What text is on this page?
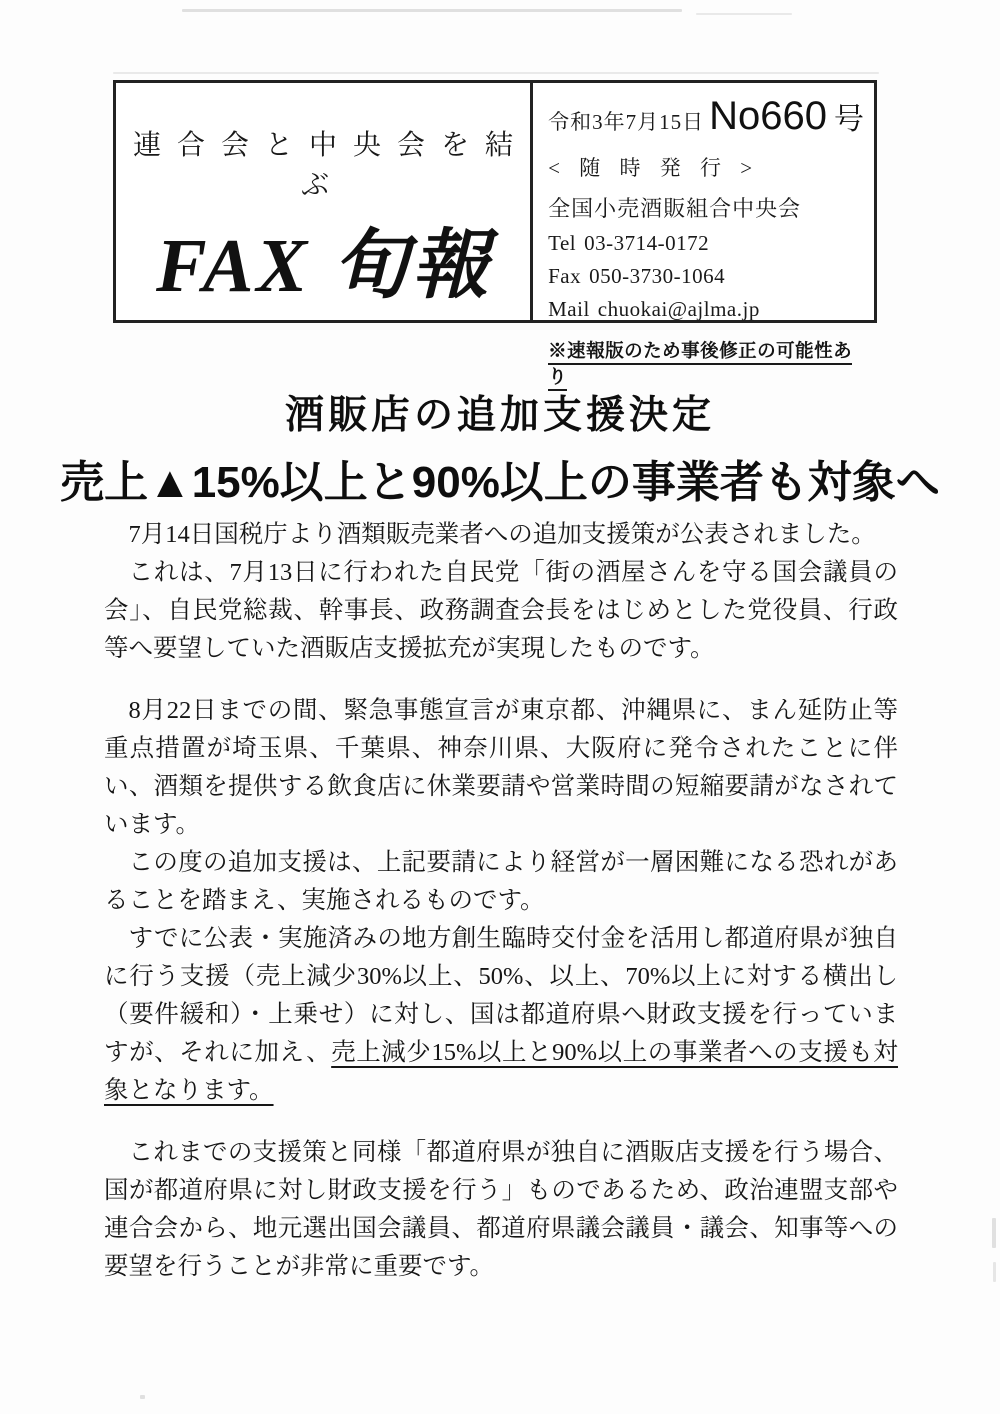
連合会と中央会を結ぶ
FAX 旬報
令和3年7月15日 No660 号
< 随 時 発 行 >
全国小売酒販組合中央会
Tel 03-3714-0172
Fax 050-3730-1064
Mail chuokai@ajlma.jp
※速報版のため事後修正の可能性あり
酒販店の追加支援決定
売上▲15%以上と90%以上の事業者も対象へ

7月14日国税庁より酒類販売業者への追加支援策が公表されました。

これは、7月13日に行われた自民党「街の酒屋さんを守る国会議員の会」、自民党総裁、幹事長、政務調査会長をはじめとした党役員、行政等へ要望していた酒販店支援拡充が実現したものです。

8月22日までの間、緊急事態宣言が東京都、沖縄県に、まん延防止等重点措置が埼玉県、千葉県、神奈川県、大阪府に発令されたことに伴い、酒類を提供する飲食店に休業要請や営業時間の短縮要請がなされています。

この度の追加支援は、上記要請により経営が一層困難になる恐れがあることを踏まえ、実施されるものです。

すでに公表・実施済みの地方創生臨時交付金を活用し都道府県が独自に行う支援（売上減少30%以上、50%、以上、70%以上に対する横出し（要件緩和）・上乗せ）に対し、国は都道府県へ財政支援を行っていますが、それに加え、売上減少15%以上と90%以上の事業者への支援も対象となります。

これまでの支援策と同様「都道府県が独自に酒販店支援を行う場合、国が都道府県に対し財政支援を行う」ものであるため、政治連盟支部や連合会から、地元選出国会議員、都道府県議会議員・議会、知事等への要望を行うことが非常に重要です。
